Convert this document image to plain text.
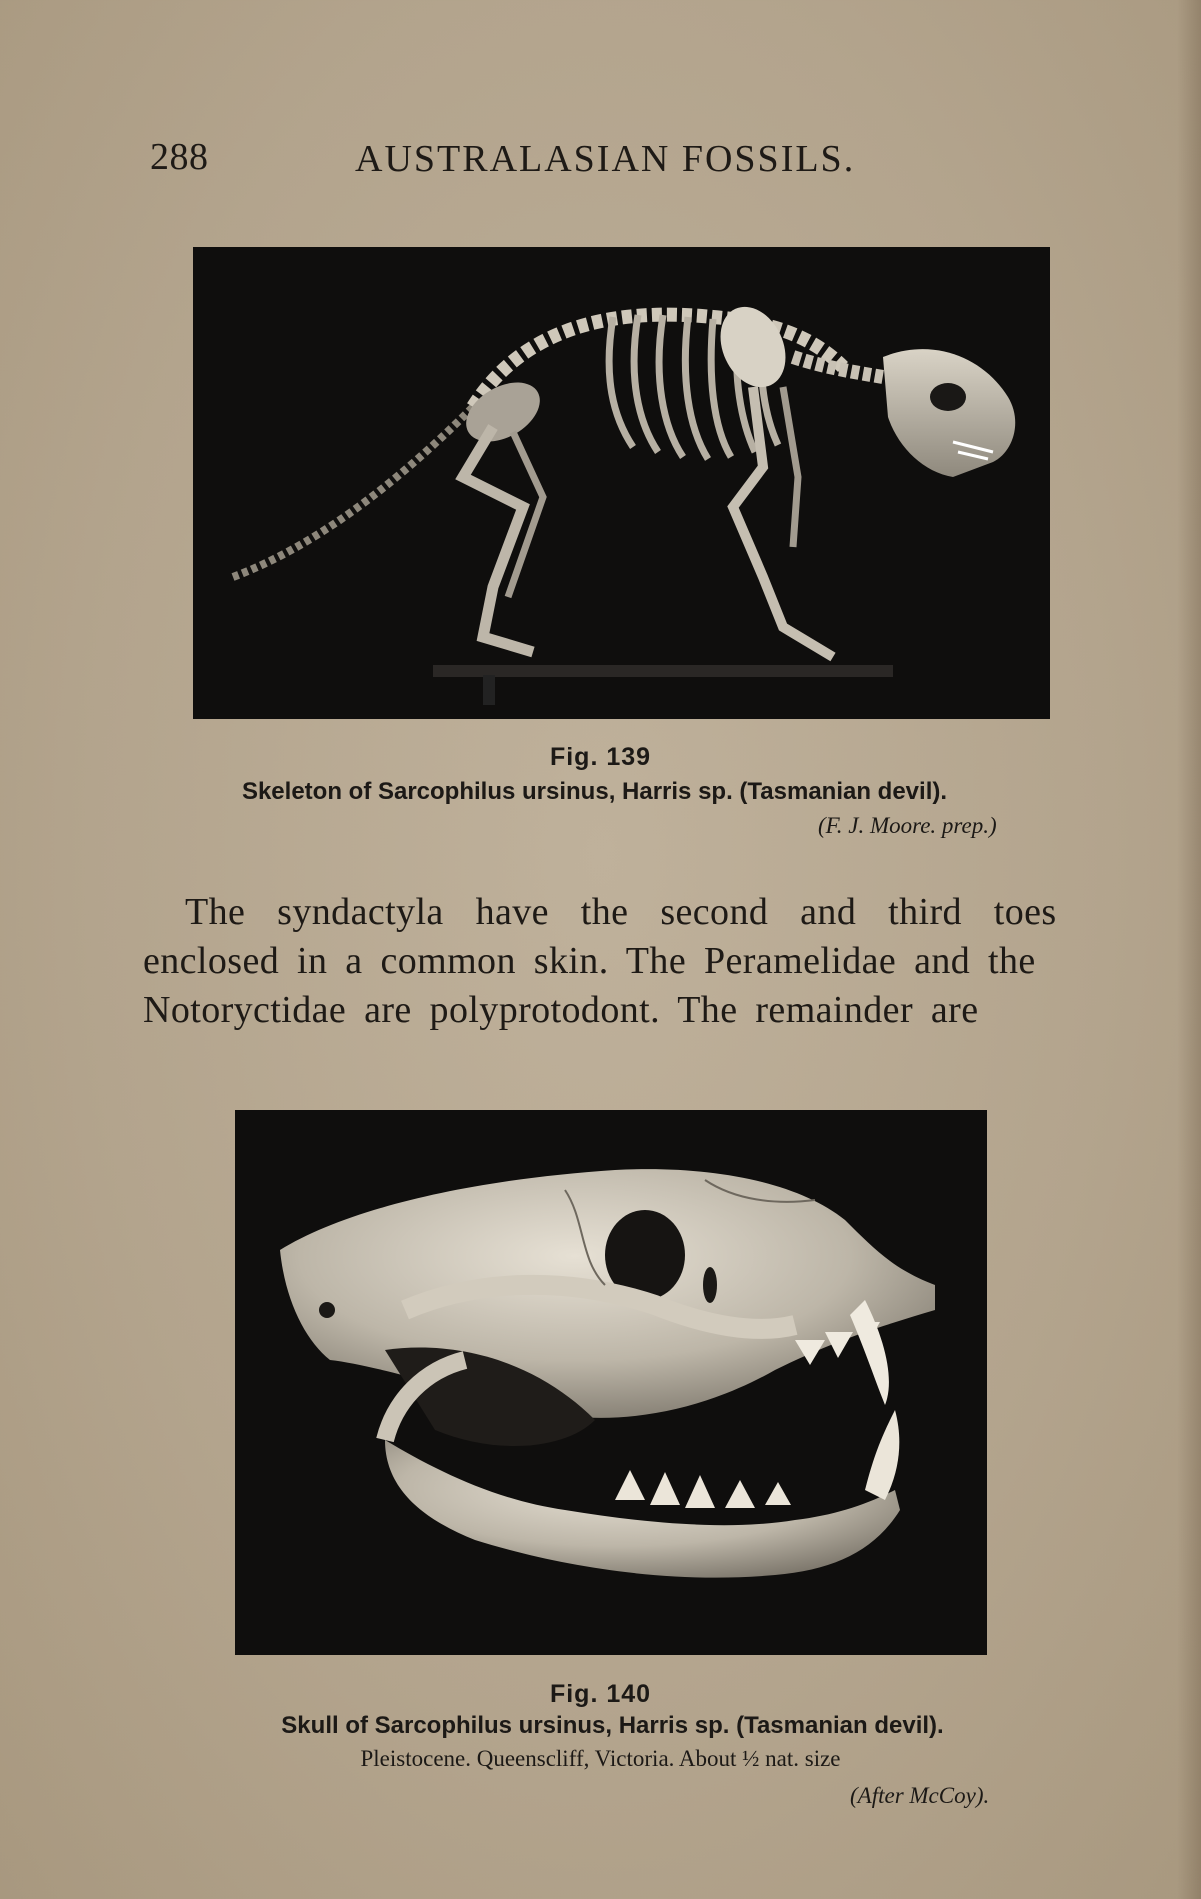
288	AUSTRALASIAN FOSSILS.
Fig. 139
Skeleton of Sarcophilus ursinus, Harris sp. (Tasmanian devil).
(F. J. Moore. prep.)

The syndactyla have the second and third toes

enclosed in a common skin. The Peramelidae and the

Notoryctidae are polyprotodont. The remainder are

Fig. 140
Skull of Sarcophilus ursinus, Harris sp. (Tasmanian devil).
Pleistocene. Queenscliff, Victoria. About ½ nat. size
(After McCoy).
